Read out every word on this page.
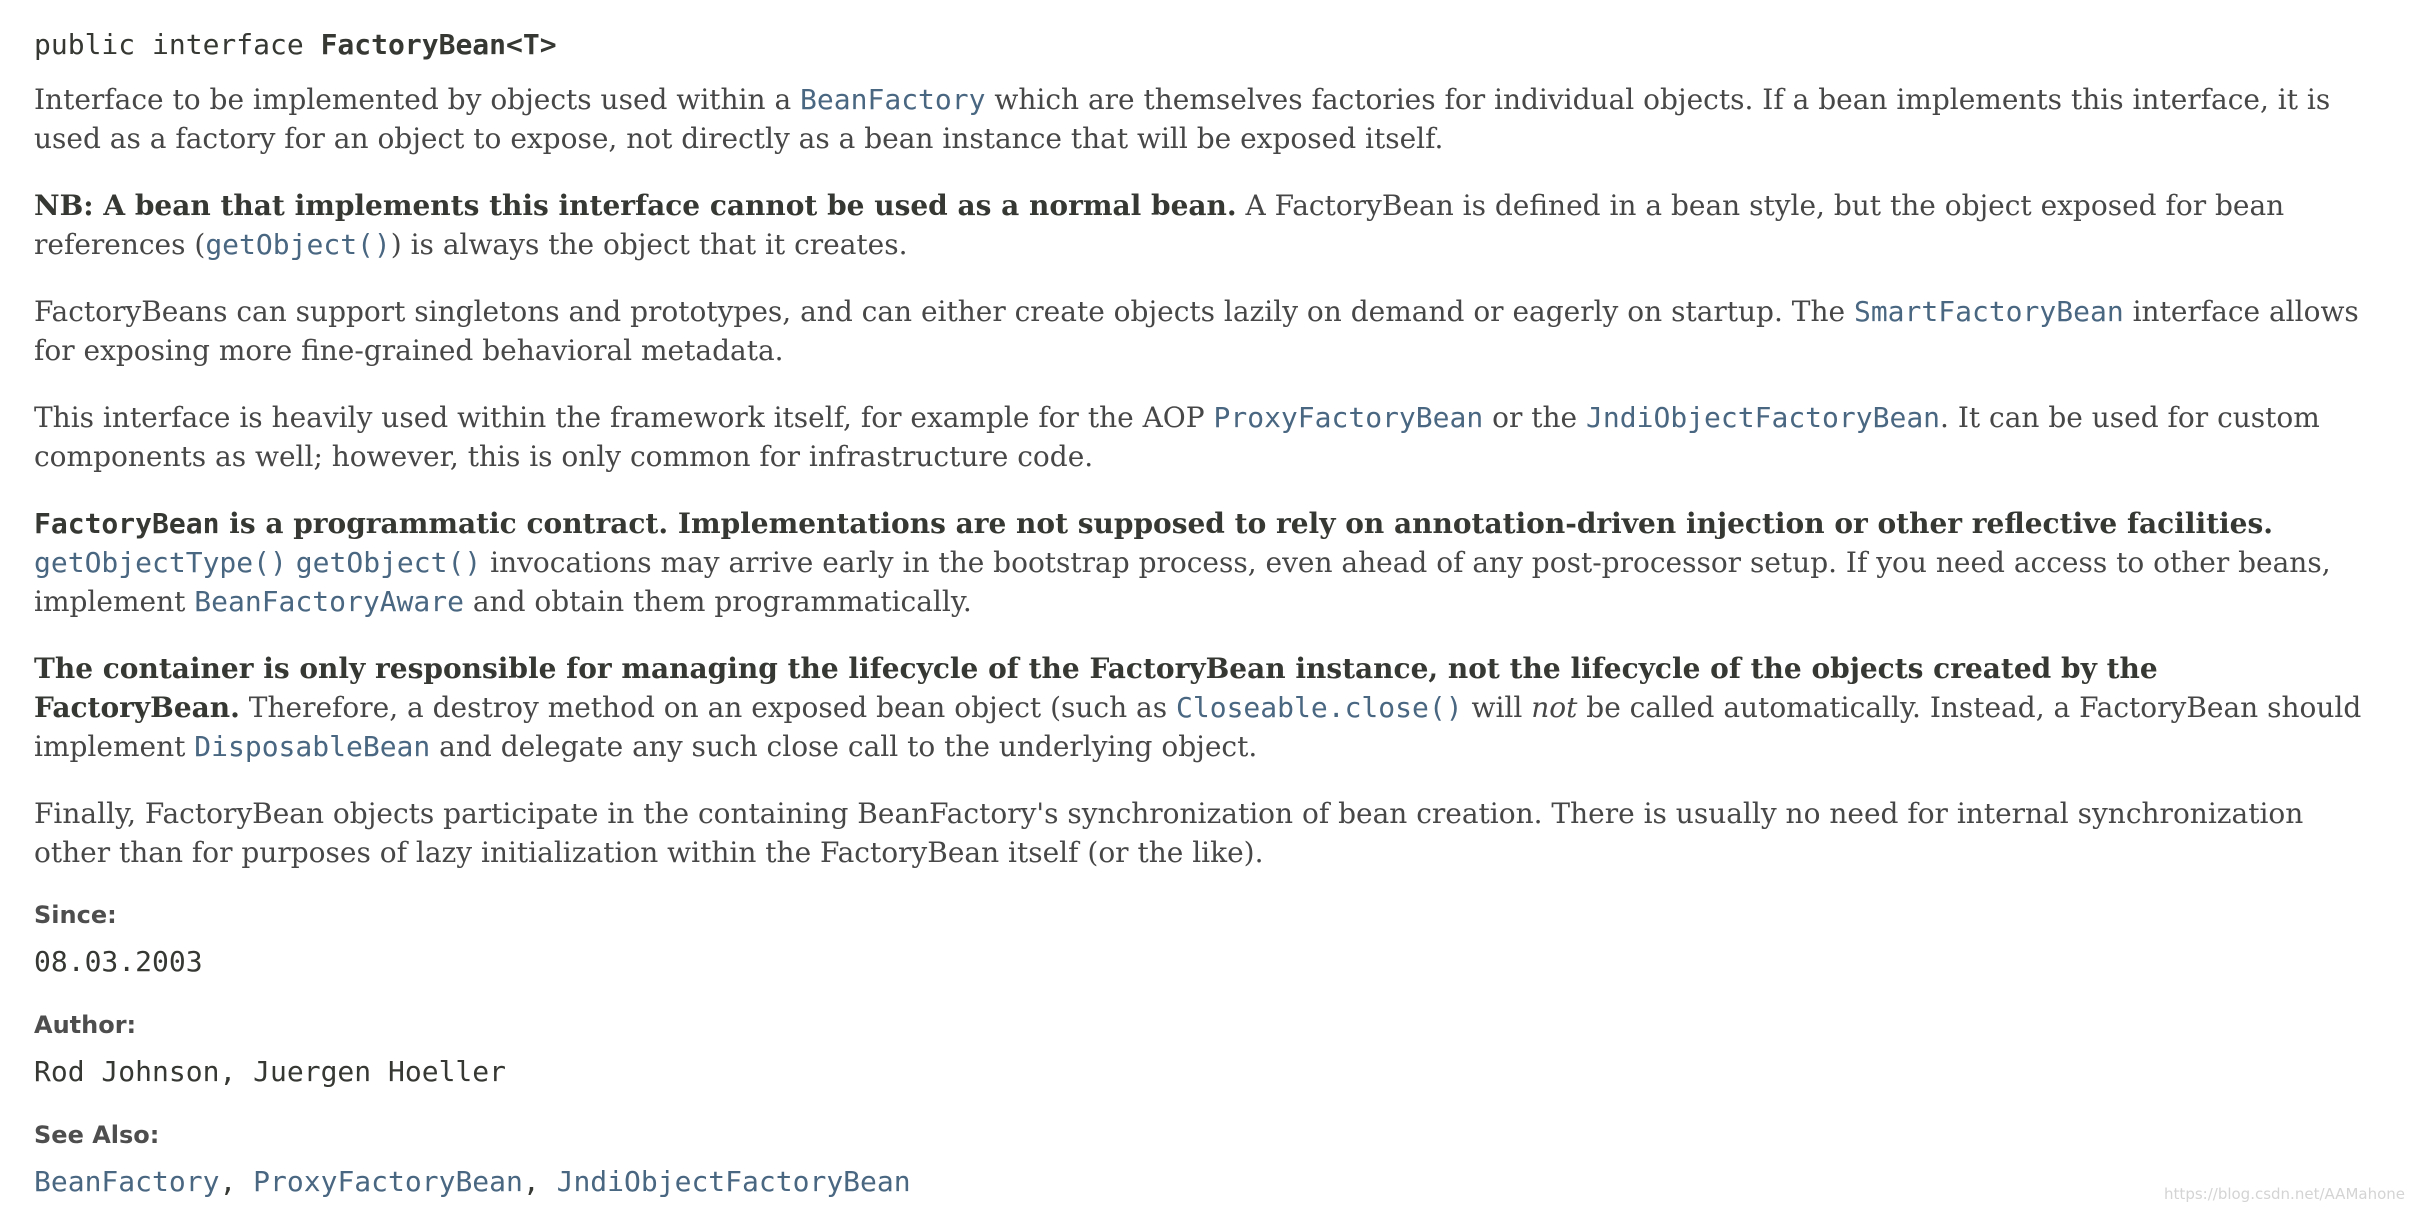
public interface FactoryBean<T>
Interface to be implemented by objects used within a BeanFactory which are themselves factories for individual objects. If a bean implements this interface, it is used as a factory for an object to expose, not directly as a bean instance that will be exposed itself.
NB: A bean that implements this interface cannot be used as a normal bean. A FactoryBean is defined in a bean style, but the object exposed for bean references (getObject()) is always the object that it creates.
FactoryBeans can support singletons and prototypes, and can either create objects lazily on demand or eagerly on startup. The SmartFactoryBean interface allows for exposing more fine-grained behavioral metadata.
This interface is heavily used within the framework itself, for example for the AOP ProxyFactoryBean or the JndiObjectFactoryBean. It can be used for custom components as well; however, this is only common for infrastructure code.
FactoryBean is a programmatic contract. Implementations are not supposed to rely on annotation-driven injection or other reflective facilities. getObjectType() getObject() invocations may arrive early in the bootstrap process, even ahead of any post-processor setup. If you need access to other beans, implement BeanFactoryAware and obtain them programmatically.
The container is only responsible for managing the lifecycle of the FactoryBean instance, not the lifecycle of the objects created by the FactoryBean. Therefore, a destroy method on an exposed bean object (such as Closeable.close() will not be called automatically. Instead, a FactoryBean should implement DisposableBean and delegate any such close call to the underlying object.
Finally, FactoryBean objects participate in the containing BeanFactory's synchronization of bean creation. There is usually no need for internal synchronization other than for purposes of lazy initialization within the FactoryBean itself (or the like).
Since:
08.03.2003
Author:
Rod Johnson, Juergen Hoeller
See Also:
BeanFactory, ProxyFactoryBean, JndiObjectFactoryBean	https://blog.csdn.net/AAMahone
